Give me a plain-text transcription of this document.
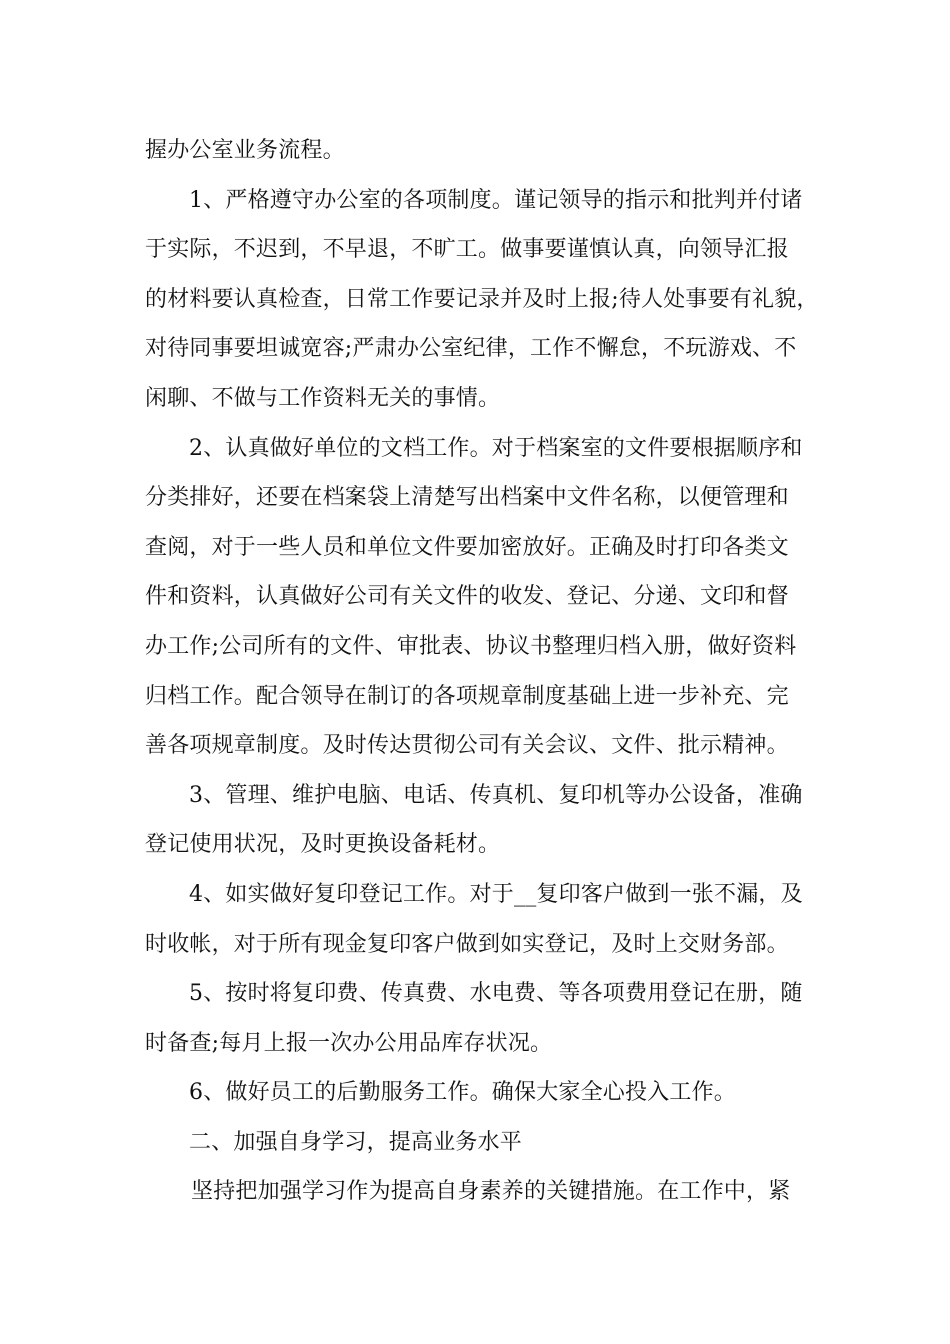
握办公室业务流程。

1、严格遵守办公室的各项制度。谨记领导的指示和批判并付诸

于实际，不迟到，不早退，不旷工。做事要谨慎认真，向领导汇报

的材料要认真检查，日常工作要记录并及时上报;待人处事要有礼貌，

对待同事要坦诚宽容;严肃办公室纪律，工作不懈怠，不玩游戏、不

闲聊、不做与工作资料无关的事情。

2、认真做好单位的文档工作。对于档案室的文件要根据顺序和

分类排好，还要在档案袋上清楚写出档案中文件名称，以便管理和

查阅，对于一些人员和单位文件要加密放好。正确及时打印各类文

件和资料，认真做好公司有关文件的收发、登记、分递、文印和督

办工作;公司所有的文件、审批表、协议书整理归档入册，做好资料

归档工作。配合领导在制订的各项规章制度基础上进一步补充、完

善各项规章制度。及时传达贯彻公司有关会议、文件、批示精神。

3、管理、维护电脑、电话、传真机、复印机等办公设备，准确

登记使用状况，及时更换设备耗材。

4、如实做好复印登记工作。对于__复印客户做到一张不漏，及

时收帐，对于所有现金复印客户做到如实登记，及时上交财务部。

5、按时将复印费、传真费、水电费、等各项费用登记在册，随

时备查;每月上报一次办公用品库存状况。

6、做好员工的后勤服务工作。确保大家全心投入工作。

二、加强自身学习，提高业务水平

坚持把加强学习作为提高自身素养的关键措施。在工作中，紧
